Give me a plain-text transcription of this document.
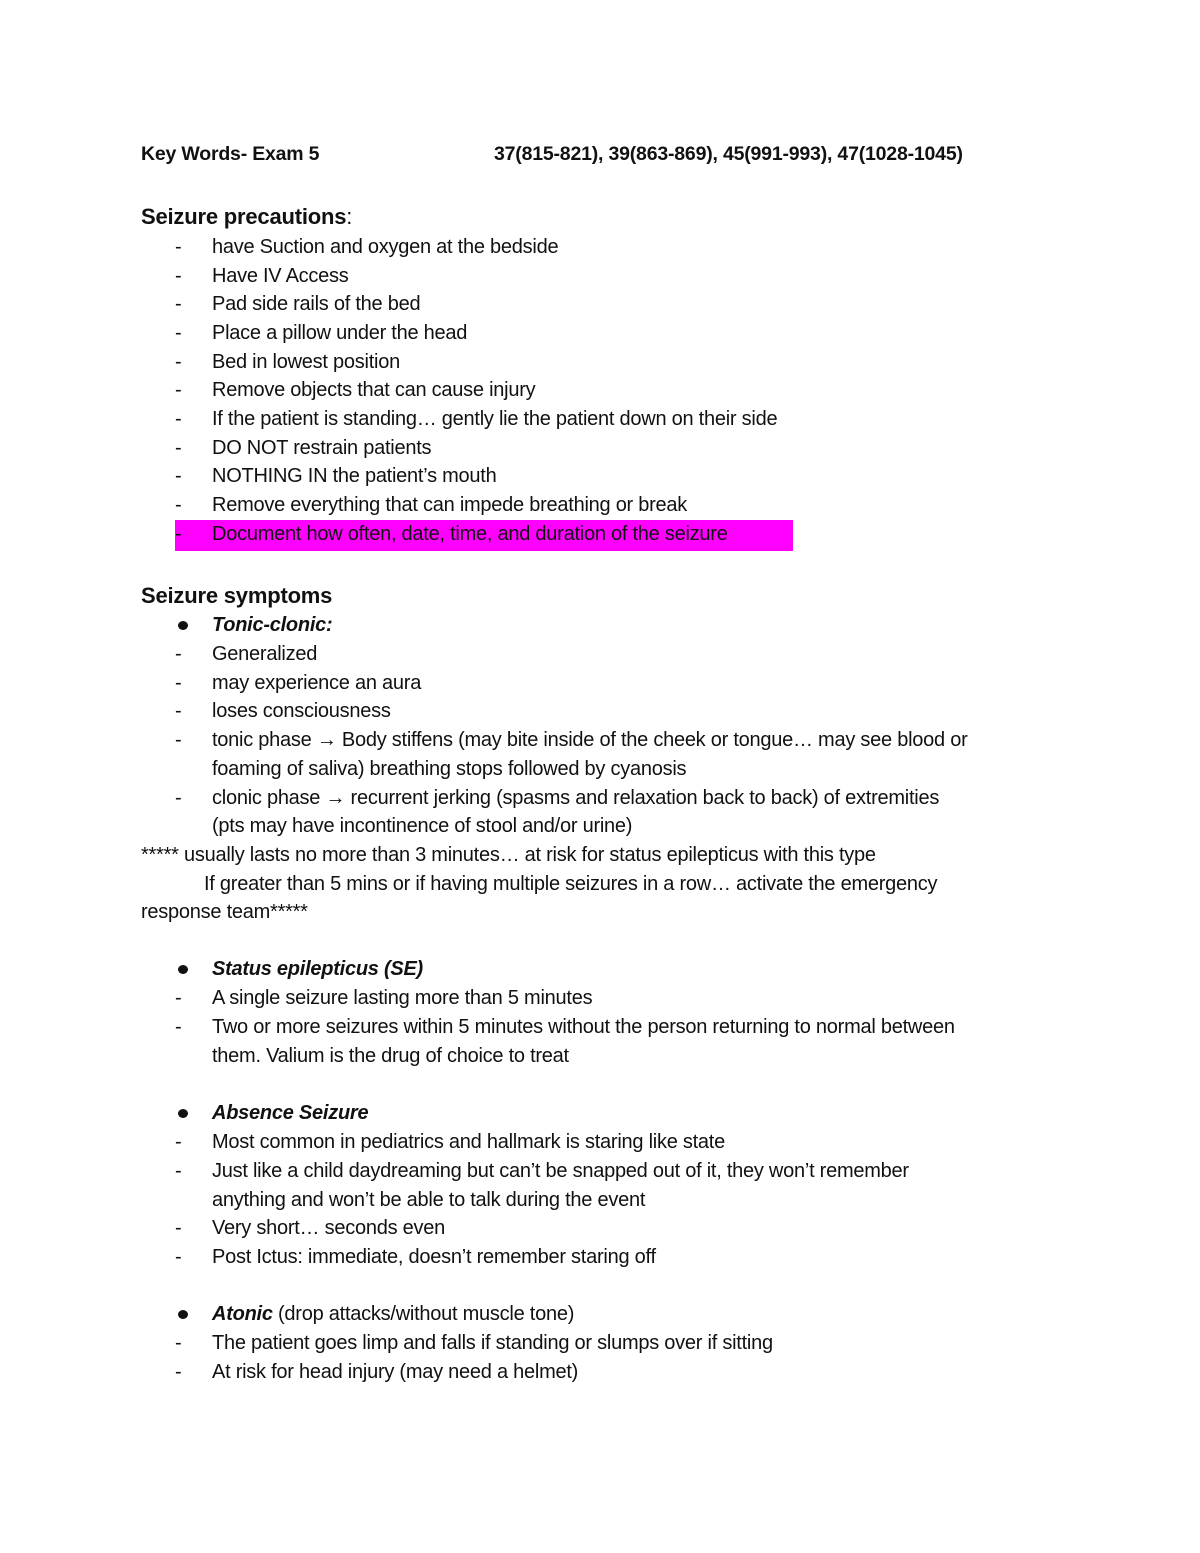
Key Words- Exam 5	37(815-821), 39(863-869), 45(991-993), 47(1028-1045)
Seizure precautions:
- have Suction and oxygen at the bedside
- Have IV Access
- Pad side rails of the bed
- Place a pillow under the head
- Bed in lowest position
- Remove objects that can cause injury
- If the patient is standing… gently lie the patient down on their side
- DO NOT restrain patients
- NOTHING IN the patient’s mouth
- Remove everything that can impede breathing or break
- Document how often, date, time, and duration of the seizure
Seizure symptoms
Tonic-clonic:
- Generalized
- may experience an aura
- loses consciousness
- tonic phase → Body stiffens (may bite inside of the cheek or tongue… may see blood or
foaming of saliva) breathing stops followed by cyanosis
- clonic phase → recurrent jerking (spasms and relaxation back to back) of extremities
(pts may have incontinence of stool and/or urine)
***** usually lasts no more than 3 minutes… at risk for status epilepticus with this type
If greater than 5 mins or if having multiple seizures in a row… activate the emergency
response team*****
Status epilepticus (SE)
- A single seizure lasting more than 5 minutes
- Two or more seizures within 5 minutes without the person returning to normal between
them. Valium is the drug of choice to treat
Absence Seizure
- Most common in pediatrics and hallmark is staring like state
- Just like a child daydreaming but can’t be snapped out of it, they won’t remember
anything and won’t be able to talk during the event
- Very short… seconds even
- Post Ictus: immediate, doesn’t remember staring off
Atonic (drop attacks/without muscle tone)
- The patient goes limp and falls if standing or slumps over if sitting
- At risk for head injury (may need a helmet)
